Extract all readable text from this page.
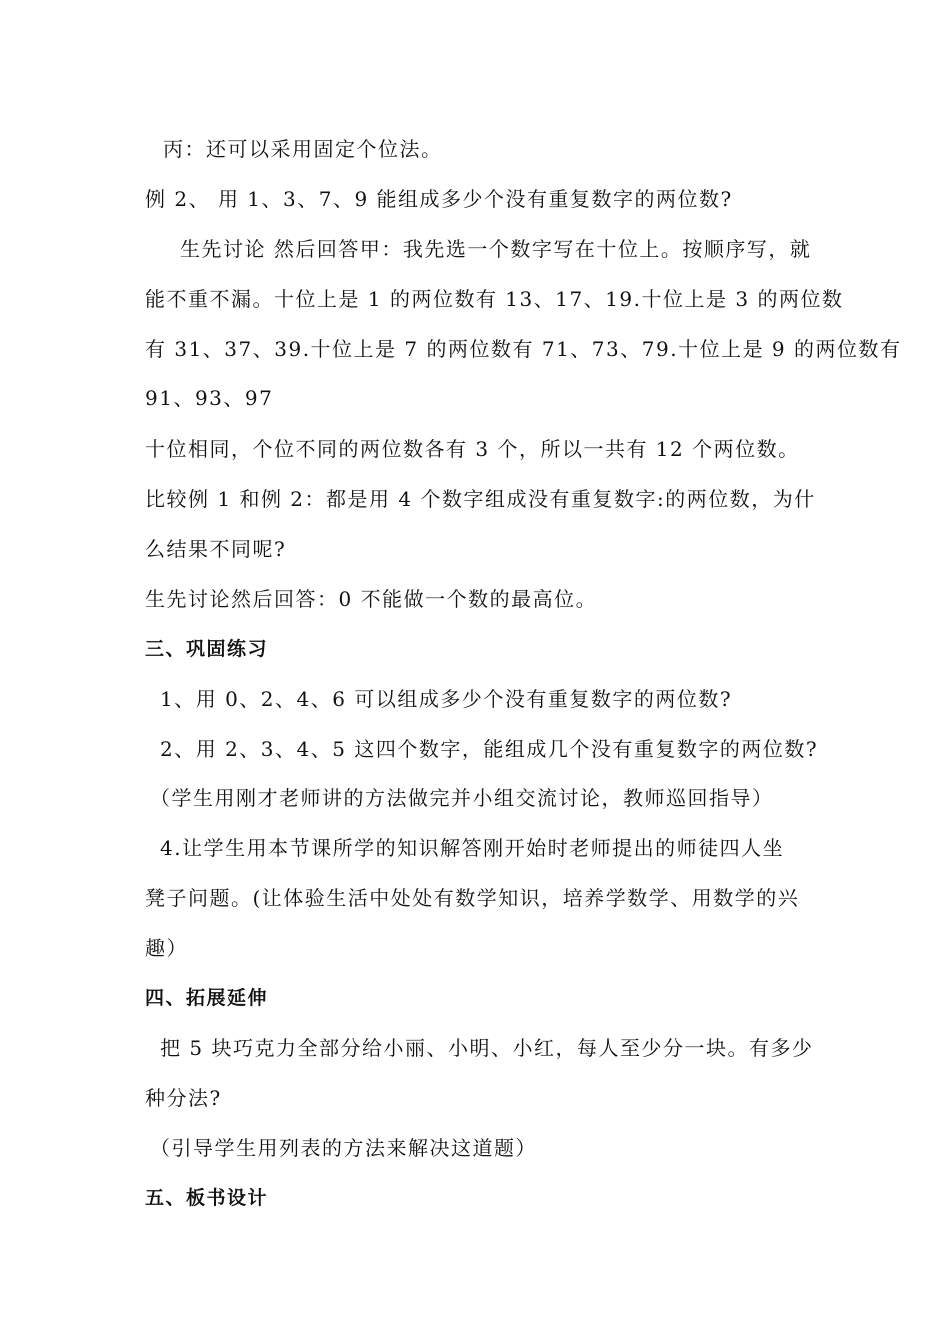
丙：还可以采用固定个位法。
例 2、 用 1、3、7、9 能组成多少个没有重复数字的两位数?
生先讨论 然后回答甲：我先选一个数字写在十位上。按顺序写，就
能不重不漏。十位上是 1 的两位数有 13、17、19.十位上是 3 的两位数
有 31、37、39.十位上是 7 的两位数有 71、73、79.十位上是 9 的两位数有
91、93、97
十位相同，个位不同的两位数各有 3 个，所以一共有 12 个两位数。
比较例 1 和例 2：都是用 4 个数字组成没有重复数字:的两位数，为什
么结果不同呢?
生先讨论然后回答：0 不能做一个数的最高位。
三、巩固练习
1、用 0、2、4、6 可以组成多少个没有重复数字的两位数?
2、用 2、3、4、5 这四个数字，能组成几个没有重复数字的两位数?
（学生用刚才老师讲的方法做完并小组交流讨论，教师巡回指导）
4.让学生用本节课所学的知识解答刚开始时老师提出的师徒四人坐
凳子问题。(让体验生活中处处有数学知识，培养学数学、用数学的兴
趣）
四、拓展延伸
把 5 块巧克力全部分给小丽、小明、小红，每人至少分一块。有多少
种分法?
（引导学生用列表的方法来解决这道题）
五、板书设计
